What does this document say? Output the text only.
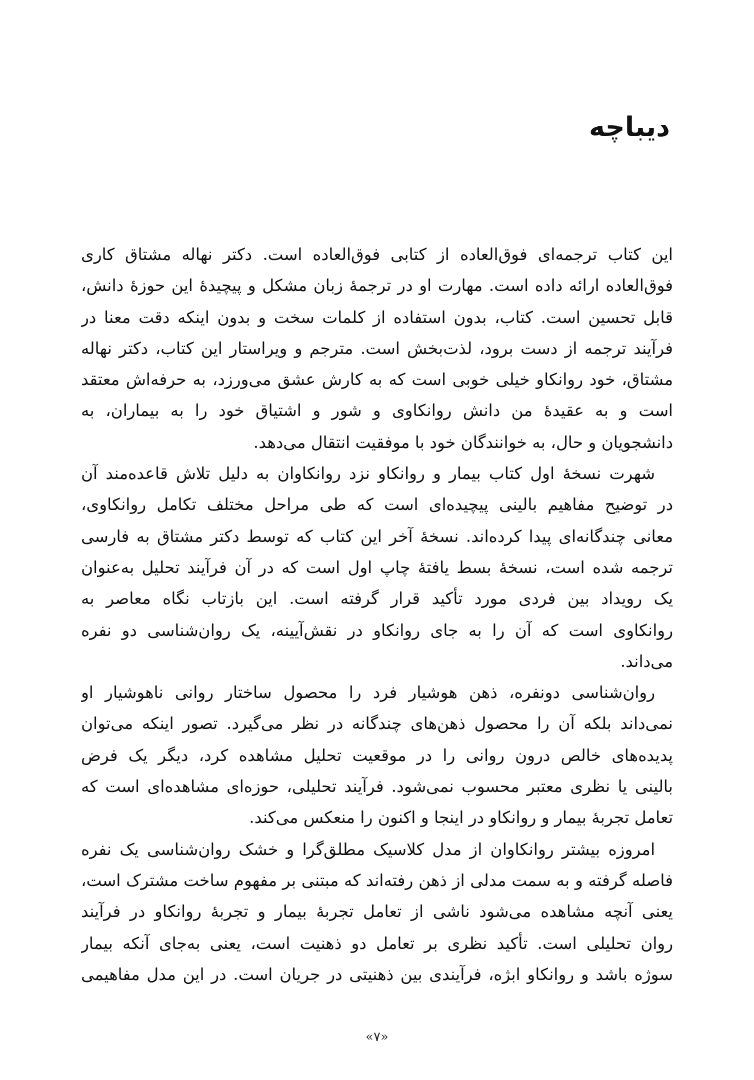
دیباچه
این کتاب ترجمه‌ای فوق‌العاده از کتابی فوق‌العاده است. دکتر نهاله مشتاق کاری
فوق‌العاده ارائه داده است. مهارت او در ترجمهٔ زبان مشکل و پیچیدهٔ این حوزهٔ دانش،
قابل تحسین است. کتاب، بدون استفاده از کلمات سخت و بدون اینکه دقت معنا در
فرآیند ترجمه از دست برود، لذت‌بخش است. مترجم و ویراستار این کتاب، دکتر نهاله
مشتاق، خود روانکاو خیلی خوبی است که به کارش عشق می‌ورزد، به حرفه‌اش معتقد
است و به عقیدهٔ من دانش روانکاوی و شور و اشتیاق خود را به بیماران، به
دانشجویان و حال، به خوانندگان خود با موفقیت انتقال می‌دهد.
شهرت نسخهٔ اول کتاب بیمار و روانکاو نزد روانکاوان به دلیل تلاش قاعده‌مند آن
در توضیح مفاهیم بالینی پیچیده‌ای است که طی مراحل مختلف تکامل روانکاوی،
معانی چندگانه‌ای پیدا کرده‌اند. نسخهٔ آخر این کتاب که توسط دکتر مشتاق به فارسی
ترجمه شده است، نسخهٔ بسط یافتهٔ چاپ اول است که در آن فرآیند تحلیل به‌عنوان
یک رویداد بین فردی مورد تأکید قرار گرفته است. این بازتاب نگاه معاصر به
روانکاوی است که آن را به جای روانکاو در نقش‌آیینه، یک روان‌شناسی دو نفره
می‌داند.
روان‌شناسی دونفره، ذهن هوشیار فرد را محصول ساختار روانی ناهوشیار او
نمی‌داند بلکه آن را محصول ذهن‌های چندگانه در نظر می‌گیرد. تصور اینکه می‌توان
پدیده‌های خالص درون روانی را در موقعیت تحلیل مشاهده کرد، دیگر یک فرض
بالینی یا نظری معتبر محسوب نمی‌شود. فرآیند تحلیلی، حوزه‌ای مشاهده‌ای است که
تعامل تجربهٔ بیمار و روانکاو در اینجا و اکنون را منعکس می‌کند.
امروزه بیشتر روانکاوان از مدل کلاسیک مطلق‌گرا و خشک روان‌شناسی یک نفره
فاصله گرفته و به سمت مدلی از ذهن رفته‌اند که مبتنی بر مفهوم ساخت مشترک است،
یعنی آنچه مشاهده می‌شود ناشی از تعامل تجربهٔ بیمار و تجربهٔ روانکاو در فرآیند
روان تحلیلی است. تأکید نظری بر تعامل دو ذهنیت است، یعنی به‌جای آنکه بیمار
سوژه باشد و روانکاو ابژه، فرآیندی بین ذهنیتی در جریان است. در این مدل مفاهیمی
«۷»
